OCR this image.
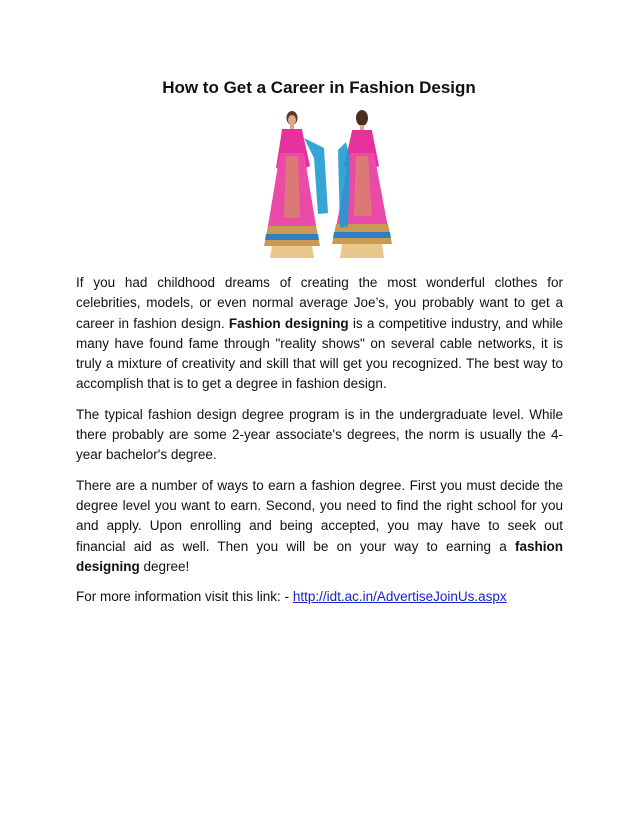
How to Get a Career in Fashion Design

If you had childhood dreams of creating the most wonderful clothes for celebrities, models, or even normal average Joe’s, you probably want to get a career in fashion design. Fashion designing is a competitive industry, and while many have found fame through "reality shows" on several cable networks, it is truly a mixture of creativity and skill that will get you recognized. The best way to accomplish that is to get a degree in fashion design.

The typical fashion design degree program is in the undergraduate level. While there probably are some 2-year associate's degrees, the norm is usually the 4-year bachelor's degree.

There are a number of ways to earn a fashion degree. First you must decide the degree level you want to earn. Second, you need to find the right school for you and apply. Upon enrolling and being accepted, you may have to seek out financial aid as well. Then you will be on your way to earning a fashion designing degree!

For more information visit this link: - http://idt.ac.in/AdvertiseJoinUs.aspx
